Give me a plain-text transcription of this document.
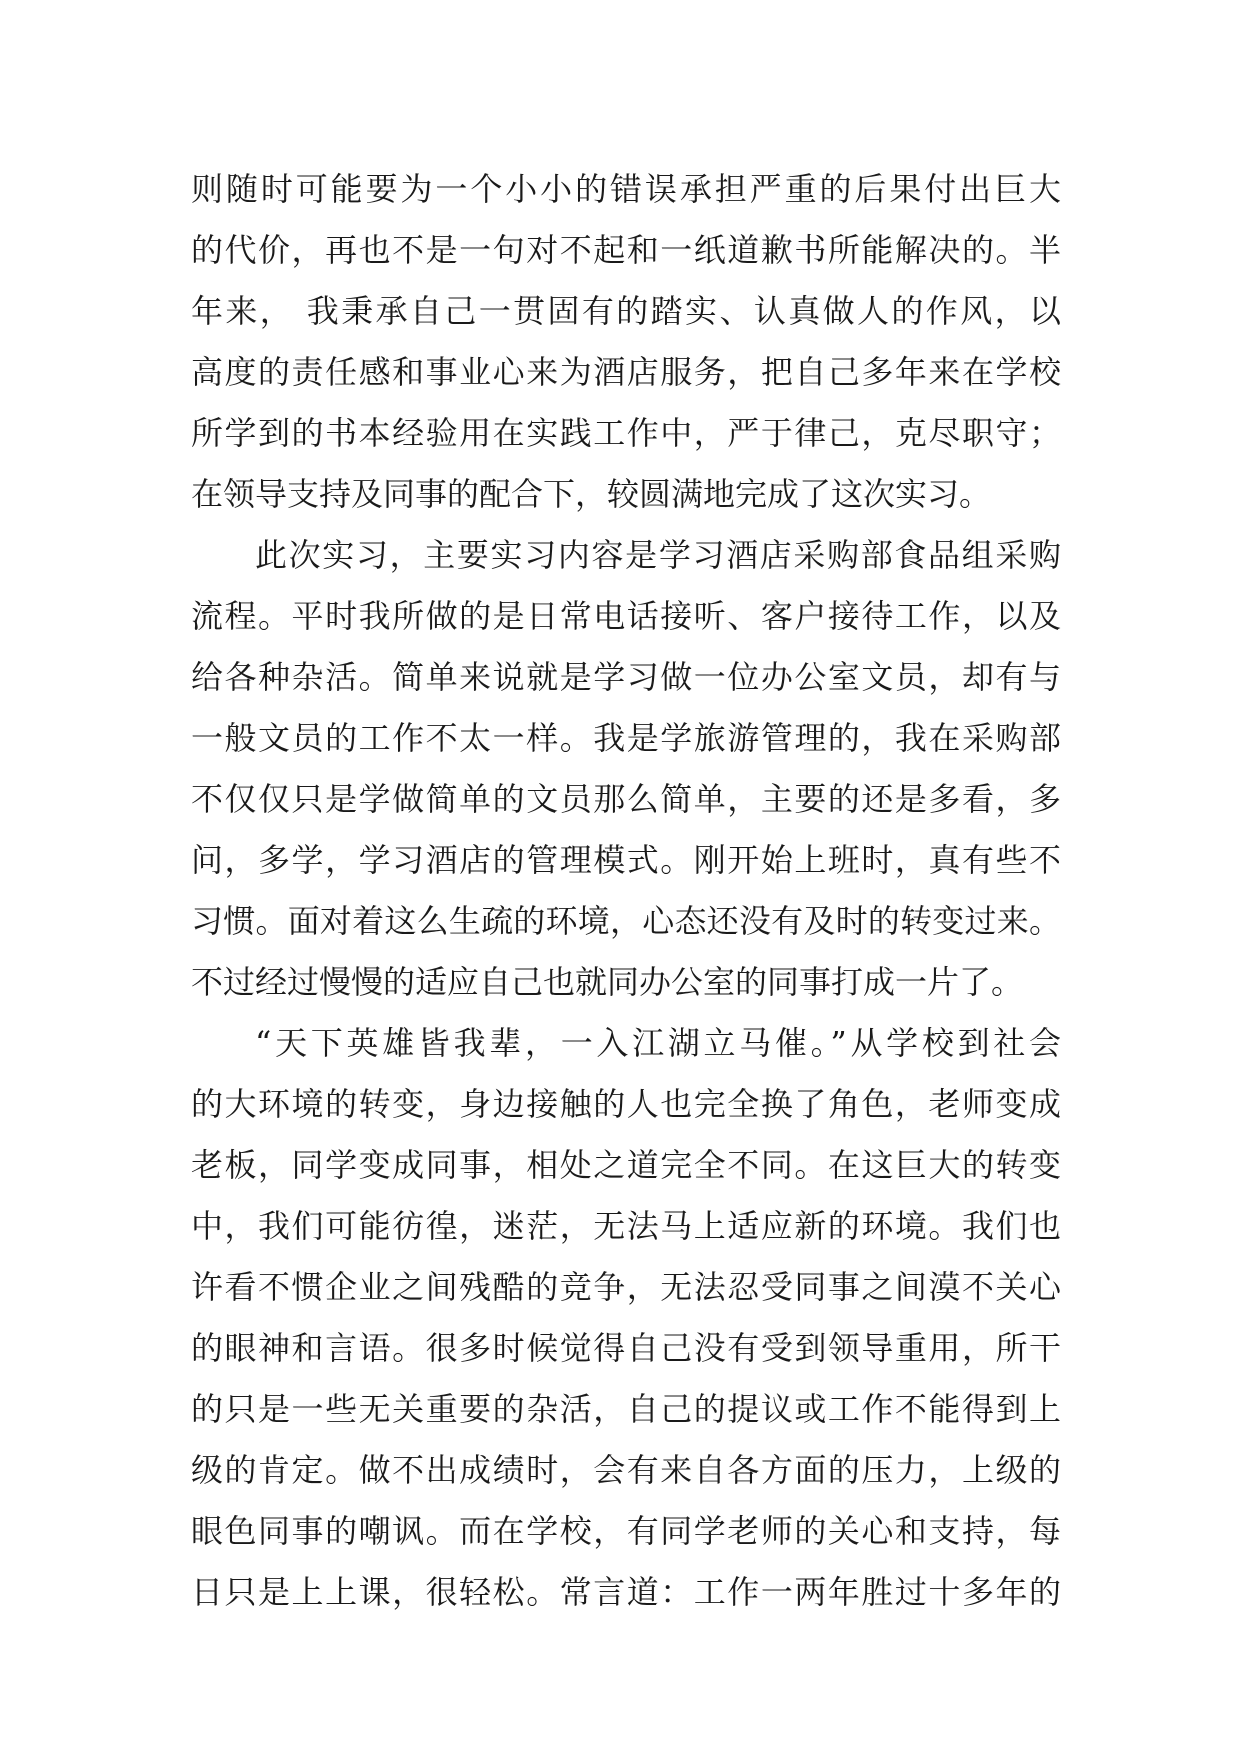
则随时可能要为一个小小的错误承担严重的后果付出巨大
的代价，再也不是一句对不起和一纸道歉书所能解决的。半
年来， 我秉承自己一贯固有的踏实、认真做人的作风，以
高度的责任感和事业心来为酒店服务，把自己多年来在学校
所学到的书本经验用在实践工作中，严于律己，克尽职守；
在领导支持及同事的配合下，较圆满地完成了这次实习。
此次实习，主要实习内容是学习酒店采购部食品组采购
流程。平时我所做的是日常电话接听、客户接待工作，以及
给各种杂活。简单来说就是学习做一位办公室文员，却有与
一般文员的工作不太一样。我是学旅游管理的，我在采购部
不仅仅只是学做简单的文员那么简单，主要的还是多看，多
问，多学，学习酒店的管理模式。刚开始上班时，真有些不
习惯。面对着这么生疏的环境，心态还没有及时的转变过来。
不过经过慢慢的适应自己也就同办公室的同事打成一片了。
“天下英雄皆我辈，一入江湖立马催。”从学校到社会
的大环境的转变，身边接触的人也完全换了角色，老师变成
老板，同学变成同事，相处之道完全不同。在这巨大的转变
中，我们可能彷徨，迷茫，无法马上适应新的环境。我们也
许看不惯企业之间残酷的竞争，无法忍受同事之间漠不关心
的眼神和言语。很多时候觉得自己没有受到领导重用，所干
的只是一些无关重要的杂活，自己的提议或工作不能得到上
级的肯定。做不出成绩时，会有来自各方面的压力，上级的
眼色同事的嘲讽。而在学校，有同学老师的关心和支持，每
日只是上上课，很轻松。常言道：工作一两年胜过十多年的
